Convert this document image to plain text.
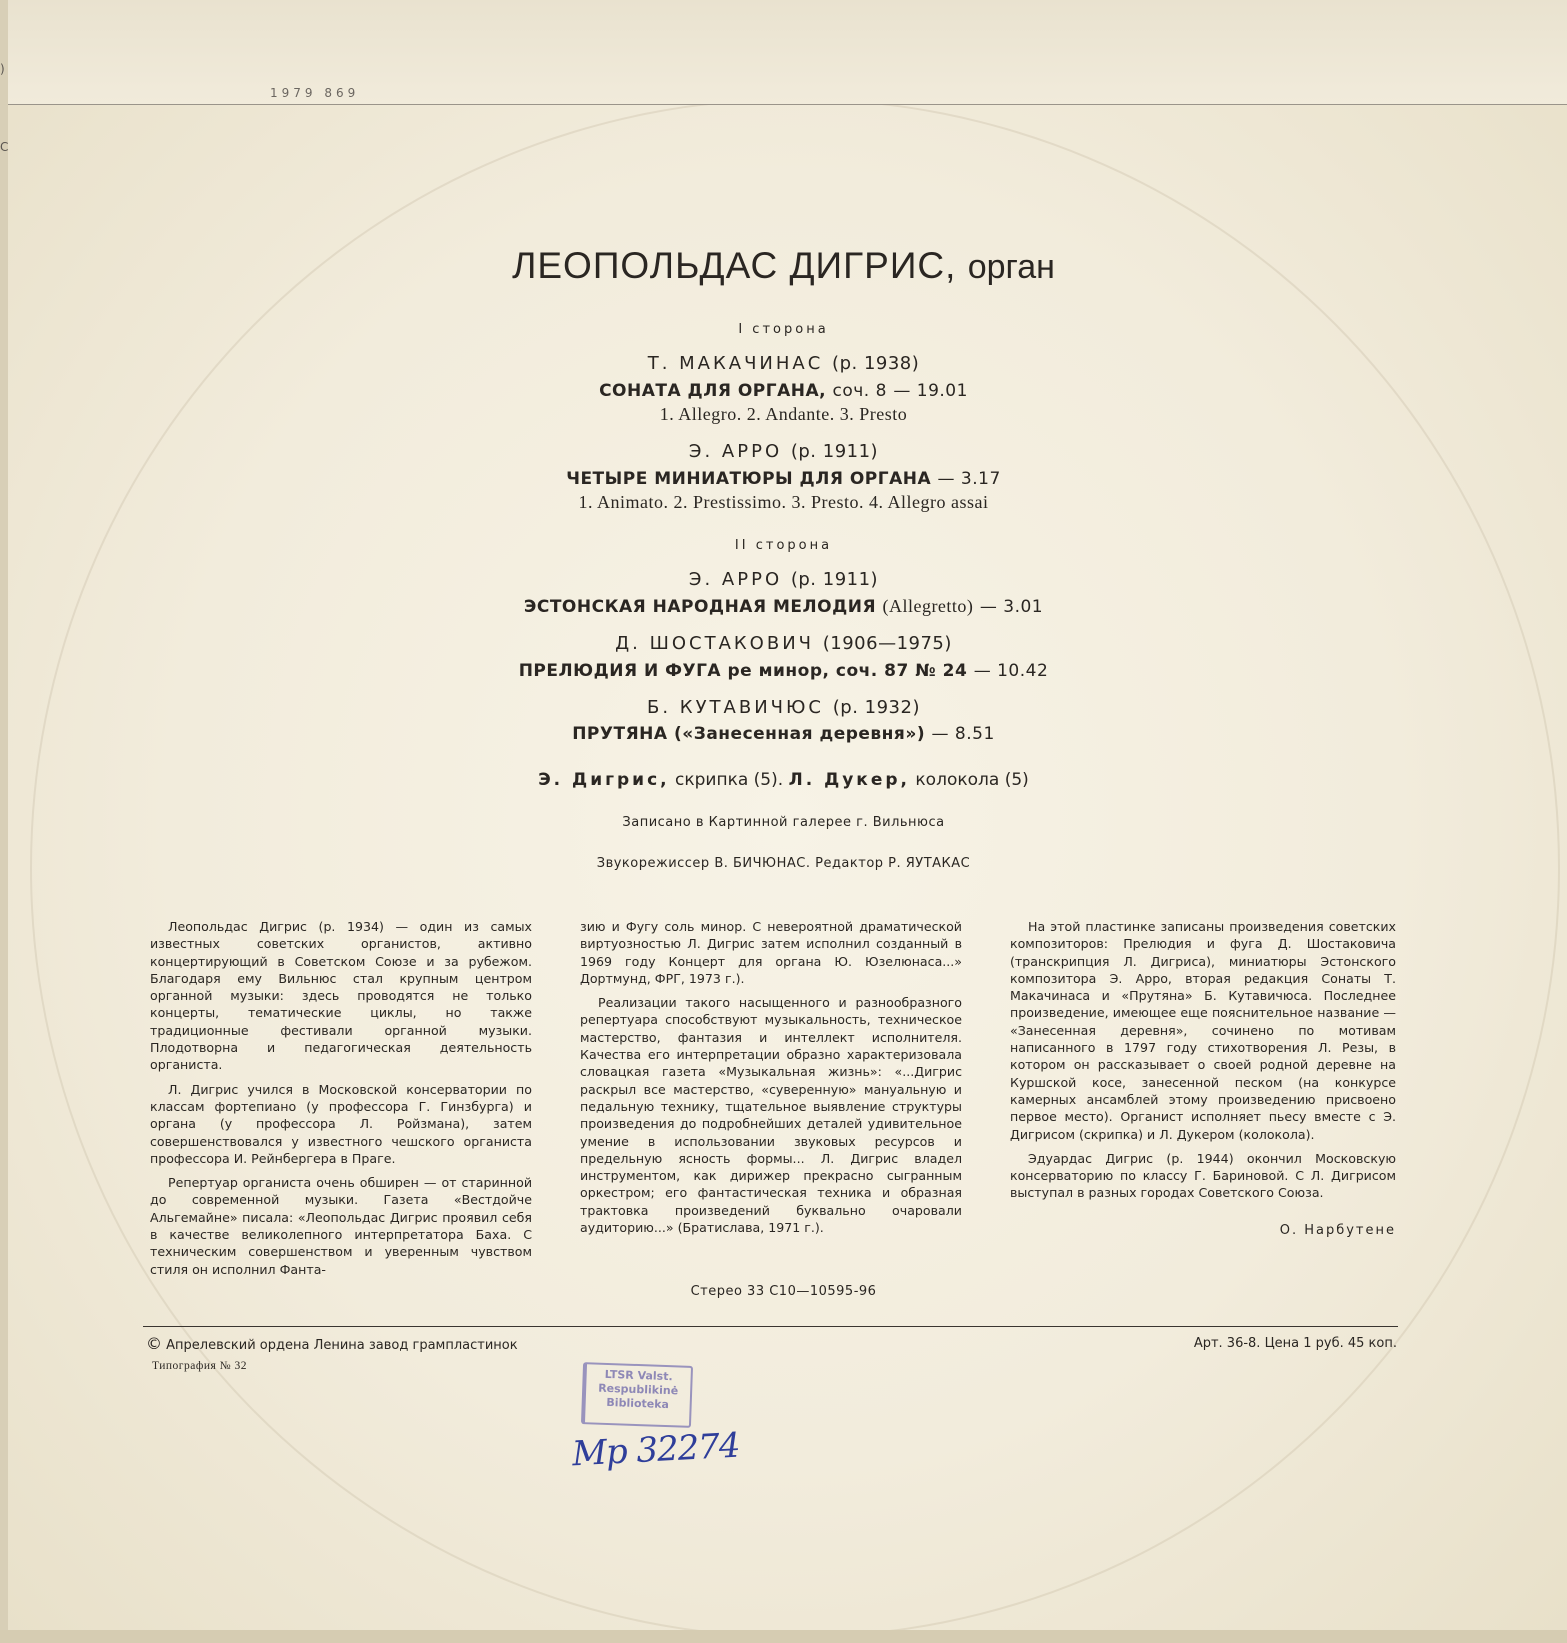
1979 869
)
C
ЛЕОПОЛЬДАС ДИГРИС, орган
I сторона
Т. МАКАЧИНАС (р. 1938)
СОНАТА ДЛЯ ОРГАНА, соч. 8 — 19.01
1. Allegro. 2. Andante. 3. Presto
Э. АРРО (р. 1911)
ЧЕТЫРЕ МИНИАТЮРЫ ДЛЯ ОРГАНА — 3.17
1. Animato. 2. Prestissimo. 3. Presto. 4. Allegro assai
II сторона
Э. АРРО (р. 1911)
ЭСТОНСКАЯ НАРОДНАЯ МЕЛОДИЯ (Allegretto) — 3.01
Д. ШОСТАКОВИЧ (1906—1975)
ПРЕЛЮДИЯ И ФУГА ре минор, соч. 87 № 24 — 10.42
Б. КУТАВИЧЮС (р. 1932)
ПРУТЯНА («Занесенная деревня») — 8.51
Э. Дигрис, скрипка (5). Л. Дукер, колокола (5)
Записано в Картинной галерее г. Вильнюса
Звукорежиссер В. БИЧЮНАС. Редактор Р. ЯУТАКАС

Леопольдас Дигрис (р. 1934) — один из самых известных советских органистов, активно концертирующий в Советском Союзе и за рубежом. Благодаря ему Вильнюс стал крупным центром органной музыки: здесь проводятся не только концерты, тематические циклы, но также традиционные фестивали органной музыки. Плодотворна и педагогическая деятельность органиста.

Л. Дигрис учился в Московской консерватории по классам фортепиано (у профессора Г. Гинзбурга) и органа (у профессора Л. Ройзмана), затем совершенствовался у известного чешского органиста профессора И. Рейнбергера в Праге.

Репертуар органиста очень обширен — от старинной до современной музыки. Газета «Вестдойче Альгемайне» писала: «Леопольдас Дигрис проявил себя в качестве великолепного интерпретатора Баха. С техническим совершенством и уверенным чувством стиля он исполнил Фанта-

зию и Фугу соль минор. С невероятной драматической виртуозностью Л. Дигрис затем исполнил созданный в 1969 году Концерт для органа Ю. Юзелюнаса...» Дортмунд, ФРГ, 1973 г.).

Реализации такого насыщенного и разнообразного репертуара способствуют музыкальность, техническое мастерство, фантазия и интеллект исполнителя. Качества его интерпретации образно характеризовала словацкая газета «Музыкальная жизнь»: «...Дигрис раскрыл все мастерство, «суверенную» мануальную и педальную технику, тщательное выявление структуры произведения до подробнейших деталей удивительное умение в использовании звуковых ресурсов и предельную ясность формы... Л. Дигрис владел инструментом, как дирижер прекрасно сыгранным оркестром; его фантастическая техника и образная трактовка произведений буквально очаровали аудиторию...» (Братислава, 1971 г.).

На этой пластинке записаны произведения советских композиторов: Прелюдия и фуга Д. Шостаковича (транскрипция Л. Дигриса), миниатюры Эстонского композитора Э. Арро, вторая редакция Сонаты Т. Макачинаса и «Прутяна» Б. Кутавичюса. Последнее произведение, имеющее еще пояснительное название — «Занесенная деревня», сочинено по мотивам написанного в 1797 году стихотворения Л. Резы, в котором он рассказывает о своей родной деревне на Куршской косе, занесенной песком (на конкурсе камерных ансамблей этому произведению присвоено первое место). Органист исполняет пьесу вместе с Э. Дигрисом (скрипка) и Л. Дукером (колокола).

Эдуардас Дигрис (р. 1944) окончил Московскую консерваторию по классу Г. Бариновой. С Л. Дигрисом выступал в разных городах Советского Союза.

О. Нарбутене
Стерео 33 С10—10595-96
© Апрелевский ордена Ленина завод грампластинок	Арт. 36-8. Цена 1 руб. 45 коп.
Типография № 32
LTSR Valst.
Respublikinė
Biblioteka
Мр 32274
